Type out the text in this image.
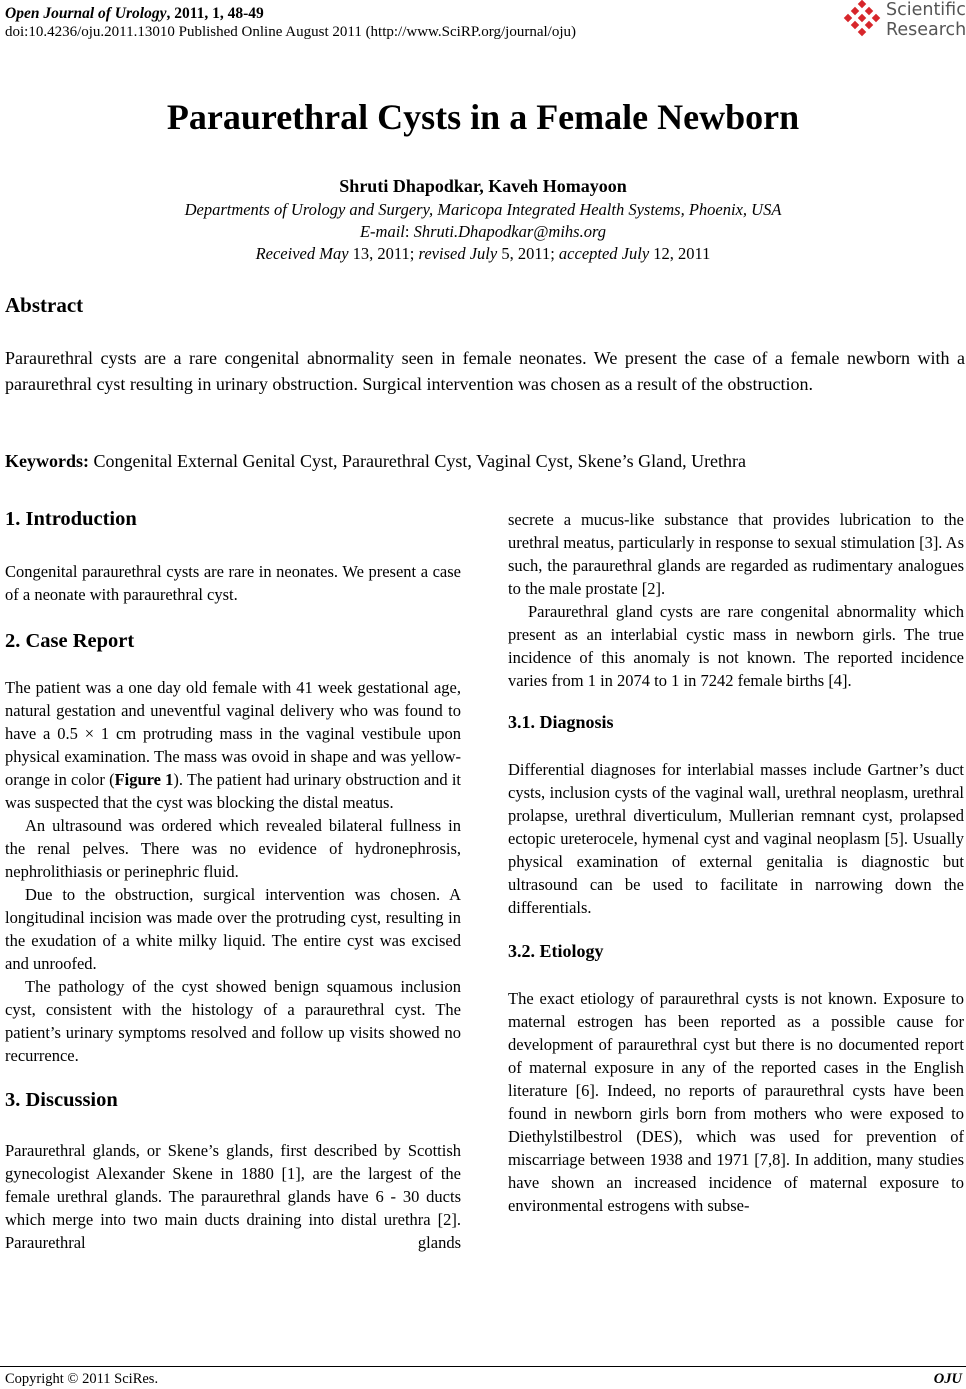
Open Journal of Urology, 2011, 1, 48-49
doi:10.4236/oju.2011.13010 Published Online August 2011 (http://www.SciRP.org/journal/oju)
Scientific
Research
Paraurethral Cysts in a Female Newborn
Shruti Dhapodkar, Kaveh Homayoon
Departments of Urology and Surgery, Maricopa Integrated Health Systems, Phoenix, USA
E-mail: Shruti.Dhapodkar@mihs.org
Received May 13, 2011; revised July 5, 2011; accepted July 12, 2011
Abstract
Paraurethral cysts are a rare congenital abnormality seen in female neonates. We present the case of a female newborn with a paraurethral cyst resulting in urinary obstruction. Surgical intervention was chosen as a result of the obstruction.
Keywords: Congenital External Genital Cyst, Paraurethral Cyst, Vaginal Cyst, Skene’s Gland, Urethra
1. Introduction

Congenital paraurethral cysts are rare in neonates. We present a case of a neonate with paraurethral cyst.

2. Case Report

The patient was a one day old female with 41 week gestational age, natural gestation and uneventful vaginal delivery who was found to have a 0.5 × 1 cm protruding mass in the vaginal vestibule upon physical examination. The mass was ovoid in shape and was yellow-orange in color (Figure 1). The patient had urinary obstruction and it was suspected that the cyst was blocking the distal meatus.

An ultrasound was ordered which revealed bilateral fullness in the renal pelves. There was no evidence of hydronephrosis, nephrolithiasis or perinephric fluid.

Due to the obstruction, surgical intervention was chosen. A longitudinal incision was made over the protruding cyst, resulting in the exudation of a white milky liquid. The entire cyst was excised and unroofed.

The pathology of the cyst showed benign squamous inclusion cyst, consistent with the histology of a paraurethral cyst. The patient’s urinary symptoms resolved and follow up visits showed no recurrence.

3. Discussion

Paraurethral glands, or Skene’s glands, first described by Scottish gynecologist Alexander Skene in 1880 [1], are the largest of the female urethral glands. The paraurethral glands have 6 - 30 ducts which merge into two main ducts draining into distal urethra [2]. Paraurethral glands

secrete a mucus-like substance that provides lubrication to the urethral meatus, particularly in response to sexual stimulation [3]. As such, the paraurethral glands are regarded as rudimentary analogues to the male prostate [2].

Paraurethral gland cysts are rare congenital abnormality which present as an interlabial cystic mass in newborn girls. The true incidence of this anomaly is not known. The reported incidence varies from 1 in 2074 to 1 in 7242 female births [4].

3.1. Diagnosis

Differential diagnoses for interlabial masses include Gartner’s duct cysts, inclusion cysts of the vaginal wall, urethral neoplasm, urethral prolapse, urethral diverticulum, Mullerian remnant cyst, prolapsed ectopic ureterocele, hymenal cyst and vaginal neoplasm [5]. Usually physical examination of external genitalia is diagnostic but ultrasound can be used to facilitate in narrowing down the differentials.

3.2. Etiology

The exact etiology of paraurethral cysts is not known. Exposure to maternal estrogen has been reported as a possible cause for development of paraurethral cyst but there is no documented report of maternal exposure in any of the reported cases in the English literature [6]. Indeed, no reports of paraurethral cysts have been found in newborn girls born from mothers who were exposed to Diethylstilbestrol (DES), which was used for prevention of miscarriage between 1938 and 1971 [7,8]. In addition, many studies have shown an increased incidence of maternal exposure to environmental estrogens with subse-

Copyright © 2011 SciRes.	OJU
